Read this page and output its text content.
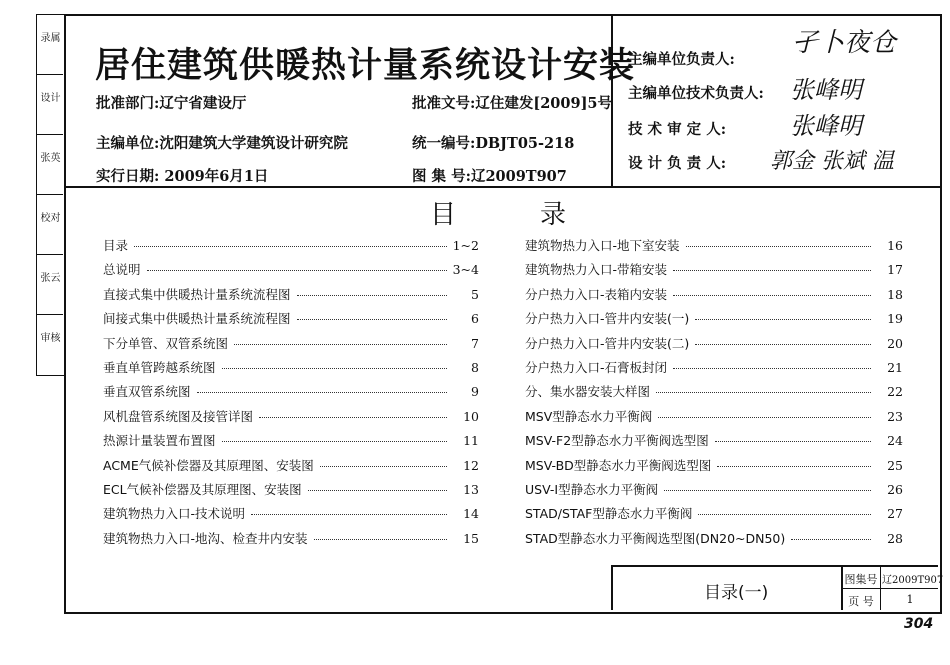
录属
设计
张英
校对
张云
审核
居住建筑供暖热计量系统设计安装
批准部门:辽宁省建设厅	批准文号:辽住建发[2009]5号
主编单位:沈阳建筑大学建筑设计研究院	统一编号:DBJT05-218
实行日期: 2009年6月1日	图 集 号:辽2009T907
主编单位负责人:
孑卜夜仓
主编单位技术负责人: 张峰明
技 术 审 定 人:	张峰明
设 计 负 责 人: 郭金 张斌 温
目	录
目录	1~2
总说明	3~4
直接式集中供暖热计量系统流程图	5
间接式集中供暖热计量系统流程图	6
下分单管、双管系统图	7
垂直单管跨越系统图	8
垂直双管系统图	9
风机盘管系统图及接管详图	10
热源计量装置布置图	11
ACME气候补偿器及其原理图、安装图	12
ECL气候补偿器及其原理图、安装图	13
建筑物热力入口-技术说明	14
建筑物热力入口-地沟、检查井内安装	15
建筑物热力入口-地下室安装	16
建筑物热力入口-带箱安装	17
分户热力入口-表箱内安装	18
分户热力入口-管井内安装(一)	19
分户热力入口-管井内安装(二)	20
分户热力入口-石膏板封闭	21
分、集水器安装大样图	22
MSV型静态水力平衡阀	23
MSV-F2型静态水力平衡阀选型图	24
MSV-BD型静态水力平衡阀选型图	25
USV-I型静态水力平衡阀	26
STAD/STAF型静态水力平衡阀	27
STAD型静态水力平衡阀选型图(DN20~DN50)	28
目录(一)
图集号 辽2009T907
页 号	1
304
